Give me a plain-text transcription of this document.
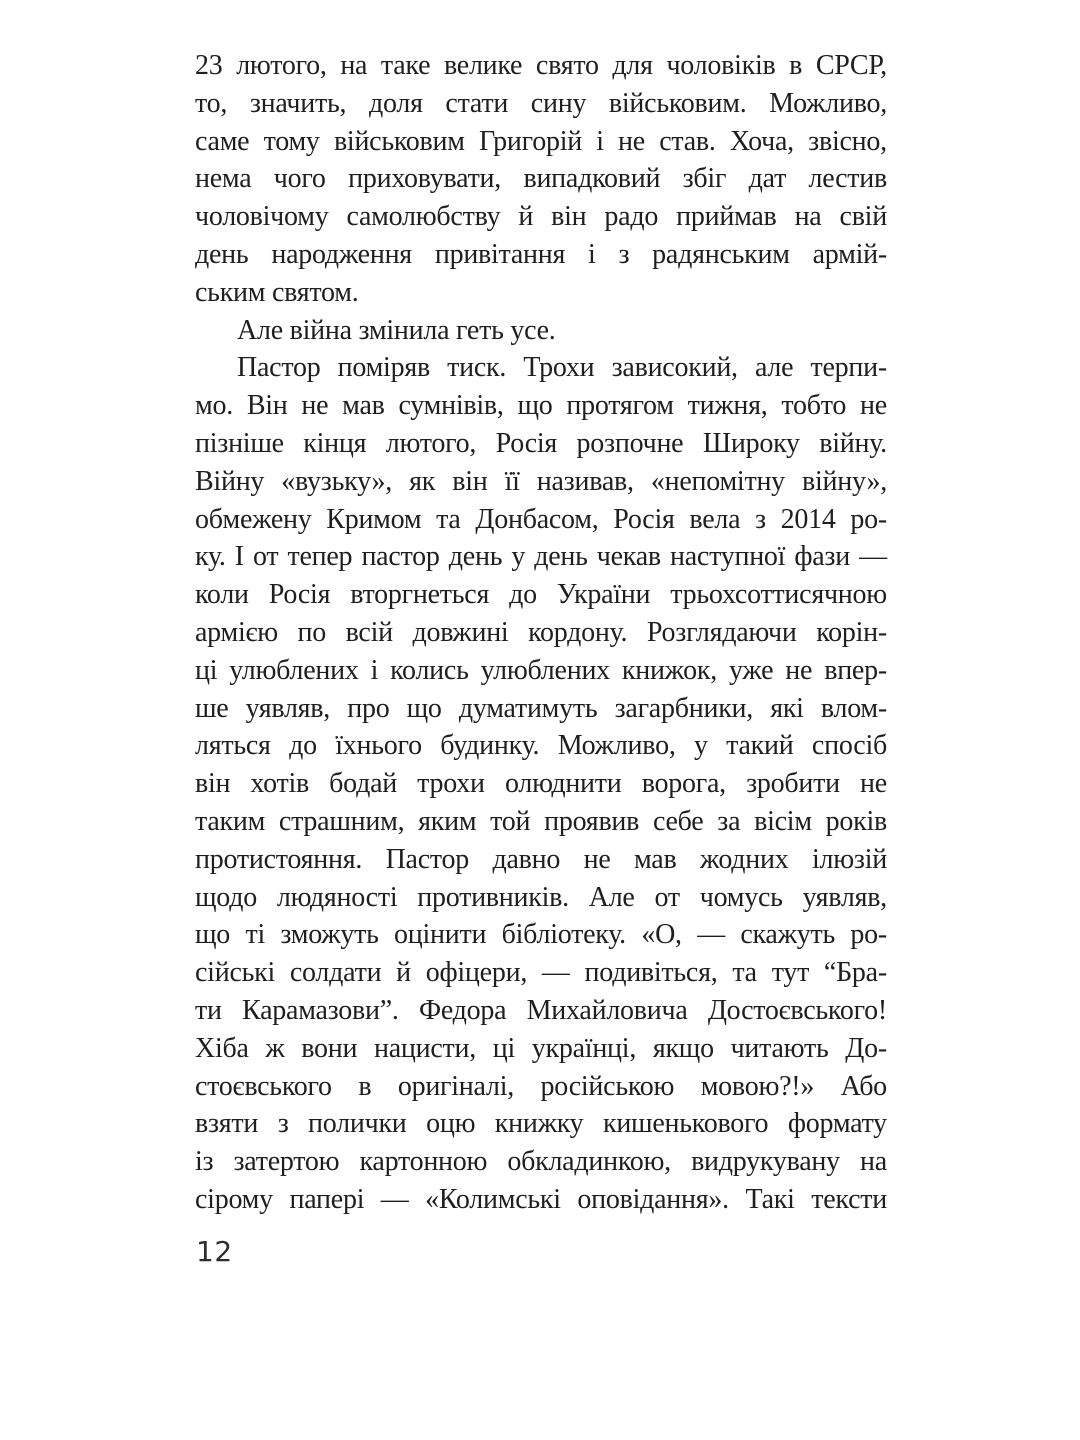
23 лютого, на таке велике свято для чоловіків в СРСР,
то, значить, доля стати сину військовим. Можливо,
саме тому військовим Григорій і не став. Хоча, звісно,
нема чого приховувати, випадковий збіг дат лестив
чоловічому самолюбству й він радо приймав на свій
день народження привітання і з радянським армій-
ським святом.
Але війна змінила геть усе.
Пастор поміряв тиск. Трохи зависокий, але терпи-
мо. Він не мав сумнівів, що протягом тижня, тобто не
пізніше кінця лютого, Росія розпочне Широку війну.
Війну «вузьку», як він її називав, «непомітну війну»,
обмежену Кримом та Донбасом, Росія вела з 2014 ро-
ку. І от тепер пастор день у день чекав наступної фази —
коли Росія вторгнеться до України трьохсоттисячною
армією по всій довжині кордону. Розглядаючи корін-
ці улюблених і колись улюблених книжок, уже не впер-
ше уявляв, про що думатимуть загарбники, які влом-
ляться до їхнього будинку. Можливо, у такий спосіб
він хотів бодай трохи олюднити ворога, зробити не
таким страшним, яким той проявив себе за вісім років
протистояння. Пастор давно не мав жодних ілюзій
щодо людяності противників. Але от чомусь уявляв,
що ті зможуть оцінити бібліотеку. «О, — скажуть ро-
сійські солдати й офіцери, — подивіться, та тут “Бра-
ти Карамазови”. Федора Михайловича Достоєвського!
Хіба ж вони нацисти, ці українці, якщо читають До-
стоєвського в оригіналі, російською мовою?!» Або
взяти з полички оцю книжку кишенькового формату
із затертою картонною обкладинкою, видрукувану на
сірому папері — «Колимські оповідання». Такі тексти
12
